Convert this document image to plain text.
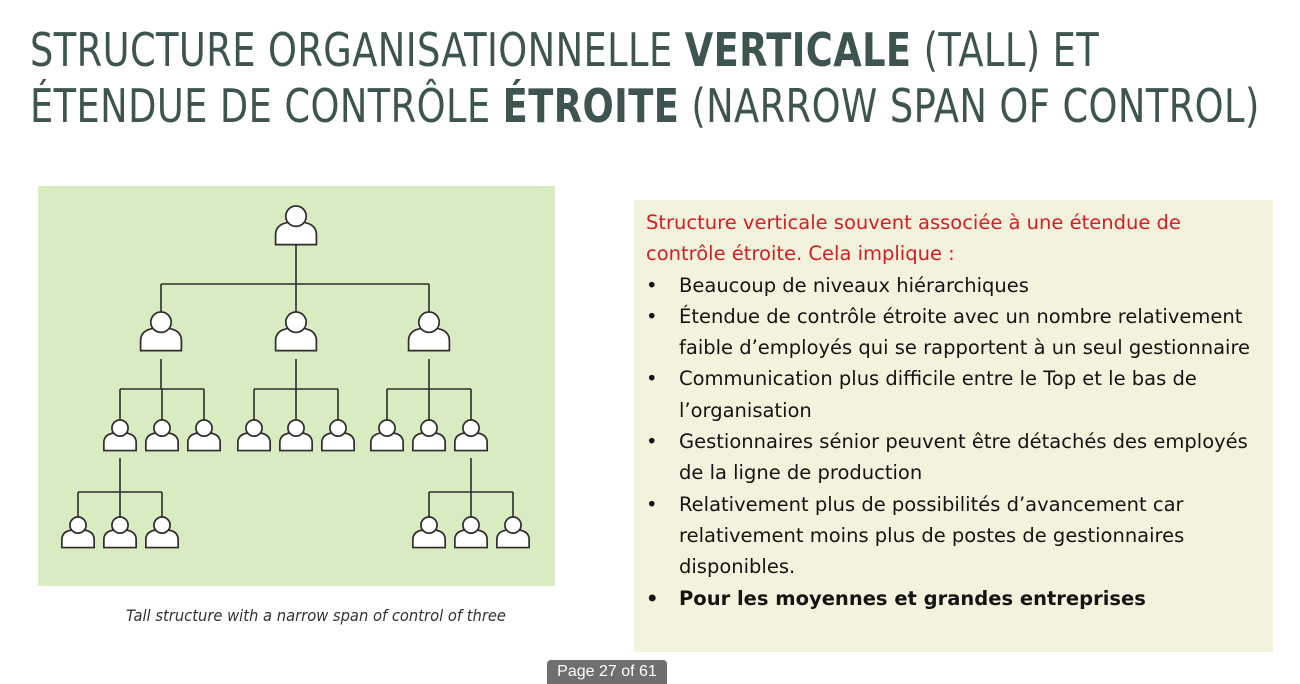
STRUCTURE ORGANISATIONNELLE VERTICALE (TALL) ET
ÉTENDUE DE CONTRÔLE ÉTROITE (NARROW SPAN OF CONTROL)
Tall structure with a narrow span of control of three
Structure verticale souvent associée à une étendue de contrôle étroite. Cela implique :
• Beaucoup de niveaux hiérarchiques
• Étendue de contrôle étroite avec un nombre relativement faible d’employés qui se rapportent à un seul gestionnaire
• Communication plus difficile entre le Top et le bas de l’organisation
• Gestionnaires sénior peuvent être détachés des employés de la ligne de production
• Relativement plus de possibilités d’avancement car relativement moins plus de postes de gestionnaires disponibles.
• Pour les moyennes et grandes entreprises
Page 27 of 61
